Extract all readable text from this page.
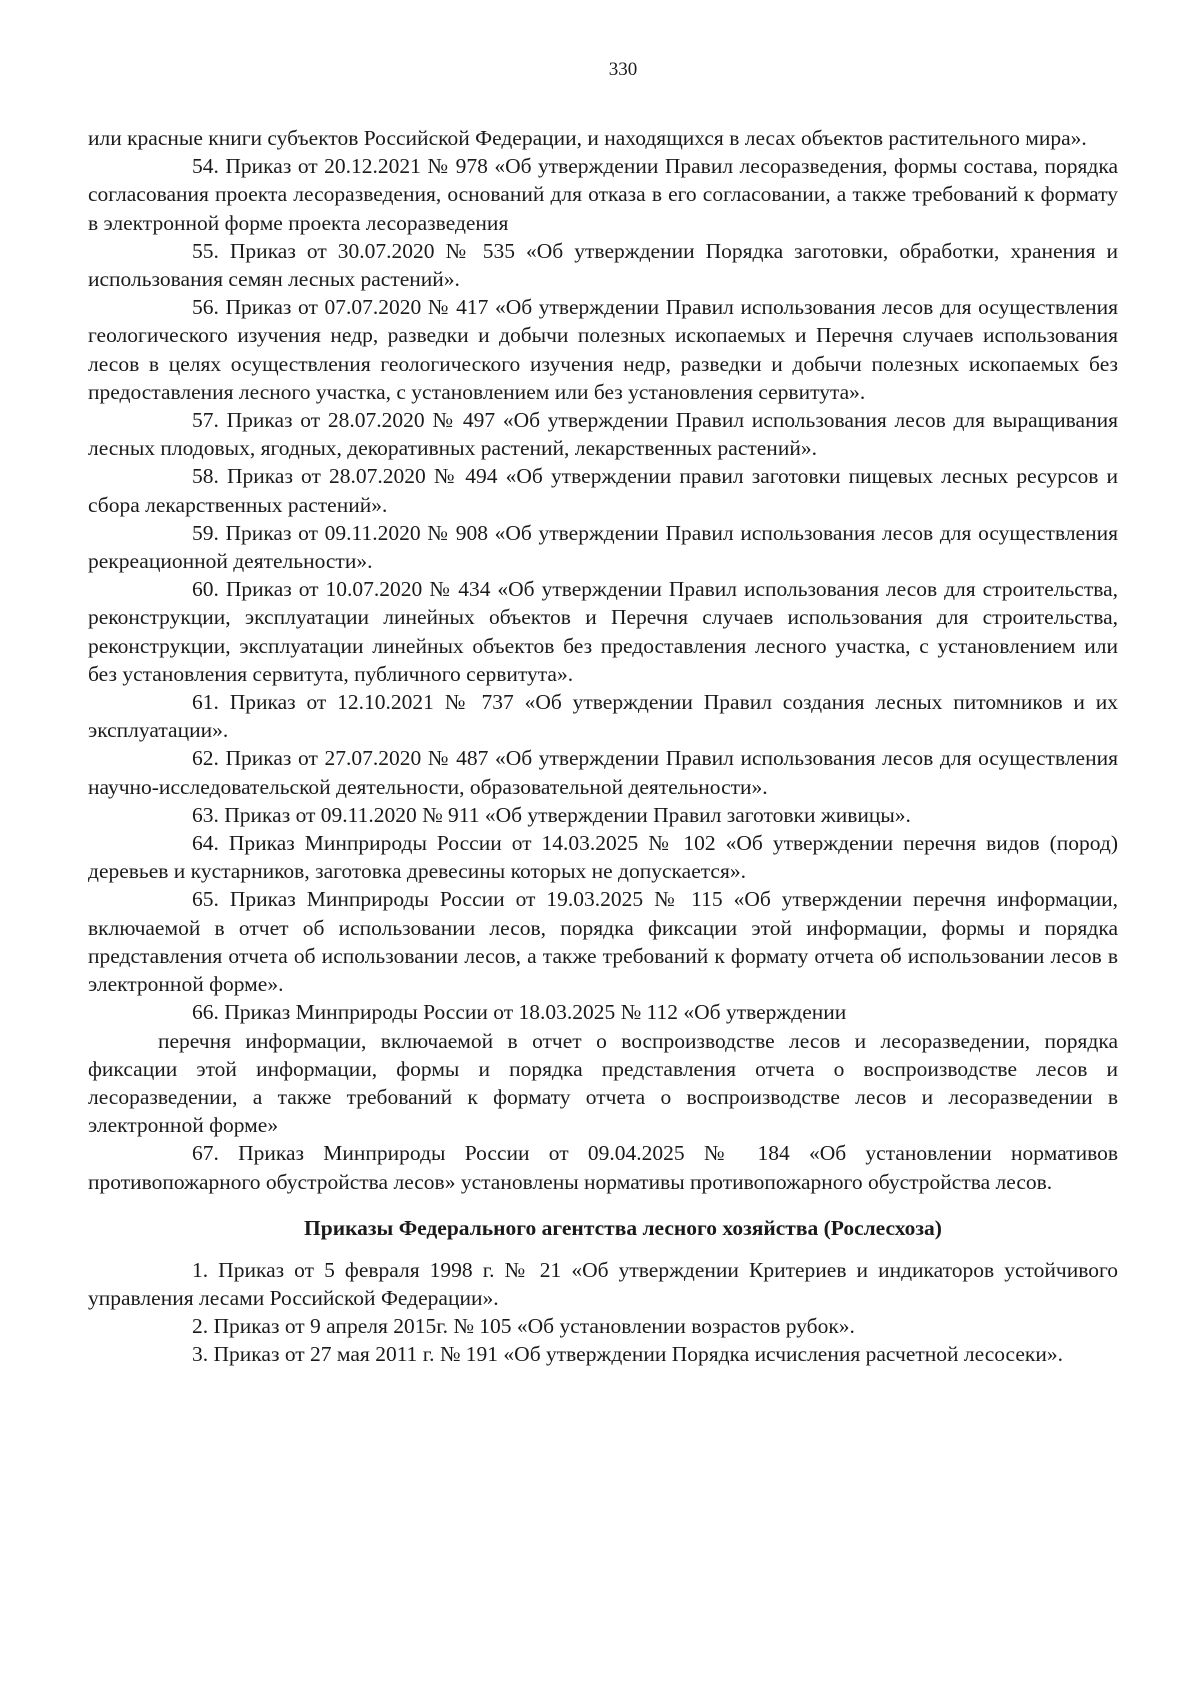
330

или красные книги субъектов Российской Федерации, и находящихся в лесах объектов растительного мира».

54. Приказ от 20.12.2021 № 978 «Об утверждении Правил лесоразведения, формы состава, порядка согласования проекта лесоразведения, оснований для отказа в его согласовании, а также требований к формату в электронной форме проекта лесоразведения

55. Приказ от 30.07.2020 № 535 «Об утверждении Порядка заготовки, обработки, хранения и использования семян лесных растений».

56. Приказ от 07.07.2020 № 417 «Об утверждении Правил использования лесов для осуществления геологического изучения недр, разведки и добычи полезных ископаемых и Перечня случаев использования лесов в целях осуществления геологического изучения недр, разведки и добычи полезных ископаемых без предоставления лесного участка, с установлением или без установления сервитута».

57. Приказ от 28.07.2020 № 497 «Об утверждении Правил использования лесов для выращивания лесных плодовых, ягодных, декоративных растений, лекарственных растений».

58. Приказ от 28.07.2020 № 494 «Об утверждении правил заготовки пищевых лесных ресурсов и сбора лекарственных растений».

59. Приказ от 09.11.2020 № 908 «Об утверждении Правил использования лесов для осуществления рекреационной деятельности».

60. Приказ от 10.07.2020 № 434 «Об утверждении Правил использования лесов для строительства, реконструкции, эксплуатации линейных объектов и Перечня случаев использования для строительства, реконструкции, эксплуатации линейных объектов без предоставления лесного участка, с установлением или без установления сервитута, публичного сервитута».

61. Приказ от 12.10.2021 № 737 «Об утверждении Правил создания лесных питомников и их эксплуатации».

62. Приказ от 27.07.2020 № 487 «Об утверждении Правил использования лесов для осуществления научно-исследовательской деятельности, образовательной деятельности».

63. Приказ от 09.11.2020 № 911 «Об утверждении Правил заготовки живицы».

64. Приказ Минприроды России от 14.03.2025 № 102 «Об утверждении перечня видов (пород) деревьев и кустарников, заготовка древесины которых не допускается».

65. Приказ Минприроды России от 19.03.2025 № 115 «Об утверждении перечня информации, включаемой в отчет об использовании лесов, порядка фиксации этой информации, формы и порядка представления отчета об использовании лесов, а также требований к формату отчета об использовании лесов в электронной форме».

66. Приказ Минприроды России от 18.03.2025 № 112 «Об утверждении

перечня информации, включаемой в отчет о воспроизводстве лесов и лесоразведении, порядка фиксации этой информации, формы и порядка представления отчета о воспроизводстве лесов и лесоразведении, а также требований к формату отчета о воспроизводстве лесов и лесоразведении в электронной форме»

67. Приказ Минприроды России от 09.04.2025 № 184 «Об установлении нормативов противопожарного обустройства лесов» установлены нормативы противопожарного обустройства лесов.

Приказы Федерального агентства лесного хозяйства (Рослесхоза)

1. Приказ от 5 февраля 1998 г. № 21 «Об утверждении Критериев и индикаторов устойчивого управления лесами Российской Федерации».

2. Приказ от 9 апреля 2015г. № 105 «Об установлении возрастов рубок».

3. Приказ от 27 мая 2011 г. № 191 «Об утверждении Порядка исчисления расчетной лесосеки».
